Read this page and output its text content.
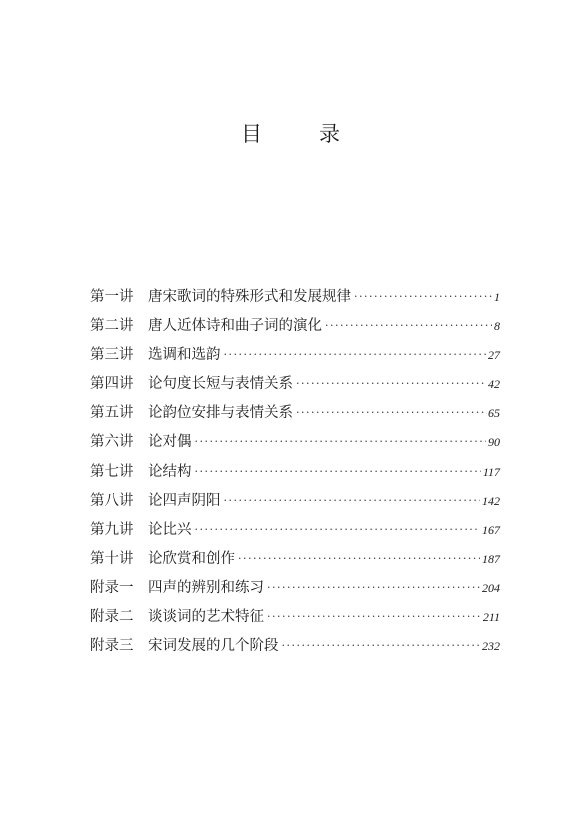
目　录
第一讲	唐宋歌词的特殊形式和发展规律 ·····	1
第二讲	唐人近体诗和曲子词的演化 ·····	8
第三讲	选调和选韵 ·····	27
第四讲	论句度长短与表情关系 ·····	42
第五讲	论韵位安排与表情关系 ·····	65
第六讲	论对偶 ·····	90
第七讲	论结构 ·····	117
第八讲	论四声阴阳 ·····	142
第九讲	论比兴 ·····	167
第十讲	论欣赏和创作 ·····	187
附录一	四声的辨别和练习 ·····	204
附录二	谈谈词的艺术特征 ·····	211
附录三	宋词发展的几个阶段 ·····	232
